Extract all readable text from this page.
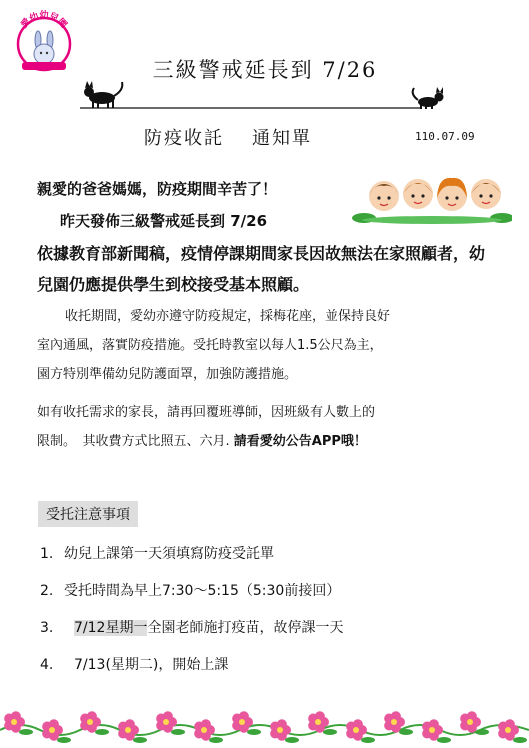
愛幼幼兒園
三級警戒延長到 7/26
防疫收託 通知單	110.07.09
親愛的爸爸媽媽，防疫期間辛苦了！
昨天發佈三級警戒延長到 7/26
依據教育部新聞稿，疫情停課期間家長因故無法在家照顧者，幼兒園仍應提供學生到校接受基本照顧。
收托期間，愛幼亦遵守防疫規定，採梅花座，並保持良好
室內通風，落實防疫措施。受托時教室以每人1.5公尺為主，
園方特別準備幼兒防護面罩，加強防護措施。
如有收托需求的家長，請再回覆班導師，因班級有人數上的
限制。　其收費方式比照五、六月. 請看愛幼公告APP哦！
受托注意事項
1. 幼兒上課第一天須填寫防疫受託單
2. 受托時間為早上7:30～5:15（5:30前接回）
3. 7/12星期一全園老師施打疫苗，故停課一天
4. 7/13(星期二)，開始上課
